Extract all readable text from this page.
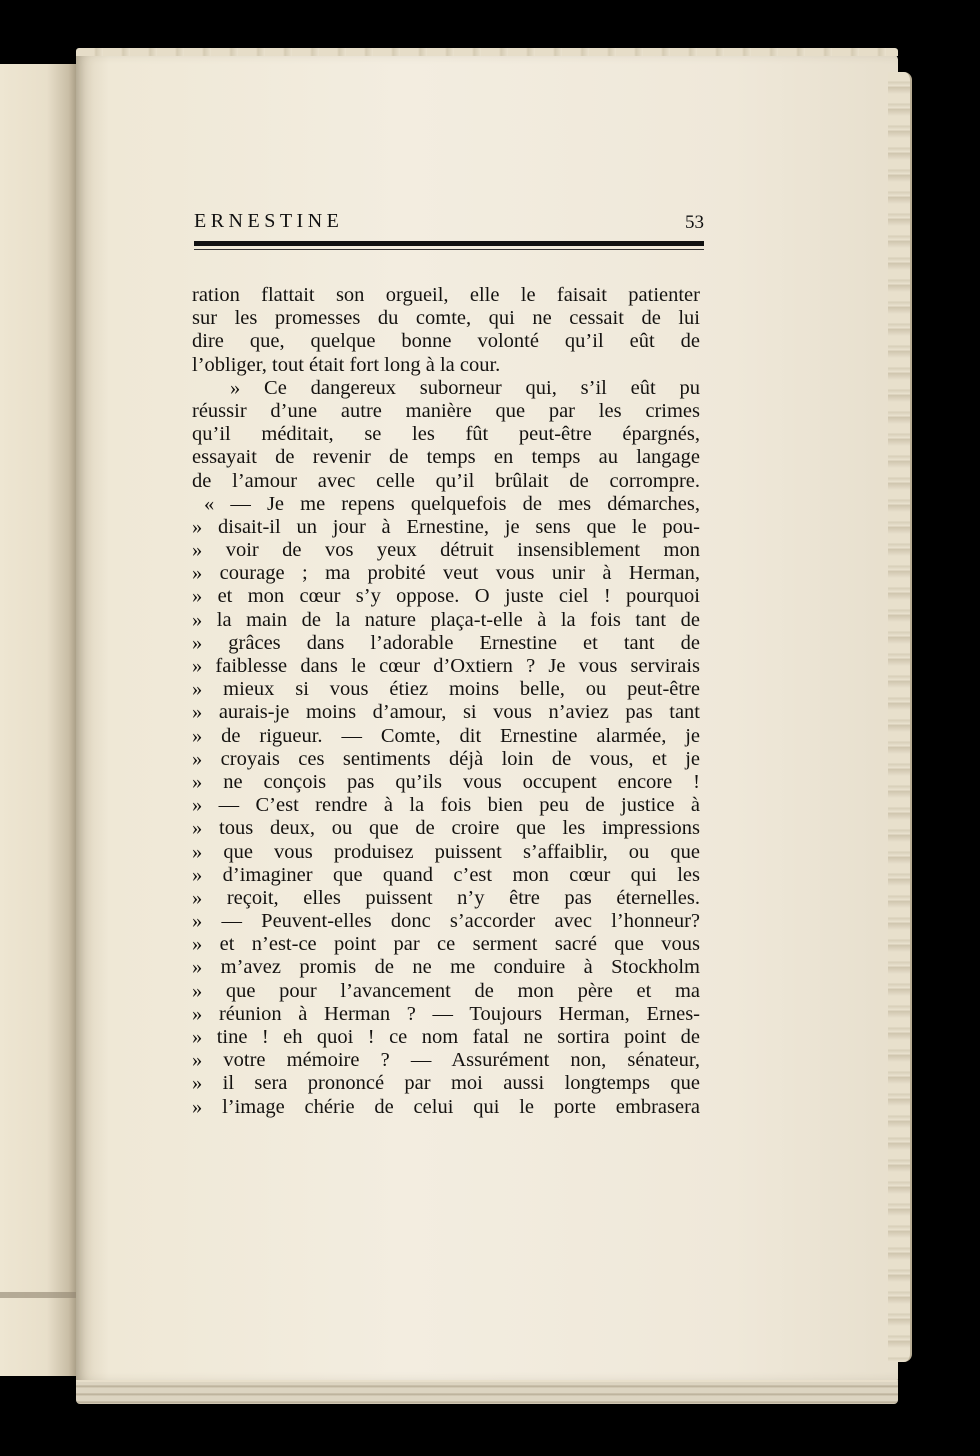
ERNESTINE	53
ration flattait son orgueil, elle le faisait patienter
sur les promesses du comte, qui ne cessait de lui
dire que, quelque bonne volonté qu’il eût de
l’obliger, tout était fort long à la cour.
» Ce dangereux suborneur qui, s’il eût pu
réussir d’une autre manière que par les crimes
qu’il méditait, se les fût peut-être épargnés,
essayait de revenir de temps en temps au langage
de l’amour avec celle qu’il brûlait de corrompre.
« — Je me repens quelquefois de mes démarches,
» disait-il un jour à Ernestine, je sens que le pou-
» voir de vos yeux détruit insensiblement mon
» courage ; ma probité veut vous unir à Herman,
» et mon cœur s’y oppose. O juste ciel ! pourquoi
» la main de la nature plaça-t-elle à la fois tant de
» grâces dans l’adorable Ernestine et tant de
» faiblesse dans le cœur d’Oxtiern ? Je vous servirais
» mieux si vous étiez moins belle, ou peut-être
» aurais-je moins d’amour, si vous n’aviez pas tant
» de rigueur. — Comte, dit Ernestine alarmée, je
» croyais ces sentiments déjà loin de vous, et je
» ne conçois pas qu’ils vous occupent encore !
» — C’est rendre à la fois bien peu de justice à
» tous deux, ou que de croire que les impressions
» que vous produisez puissent s’affaiblir, ou que
» d’imaginer que quand c’est mon cœur qui les
» reçoit, elles puissent n’y être pas éternelles.
» — Peuvent-elles donc s’accorder avec l’honneur?
» et n’est-ce point par ce serment sacré que vous
» m’avez promis de ne me conduire à Stockholm
» que pour l’avancement de mon père et ma
» réunion à Herman ? — Toujours Herman, Ernes-
» tine ! eh quoi ! ce nom fatal ne sortira point de
» votre mémoire ? — Assurément non, sénateur,
» il sera prononcé par moi aussi longtemps que
» l’image chérie de celui qui le porte embrasera
